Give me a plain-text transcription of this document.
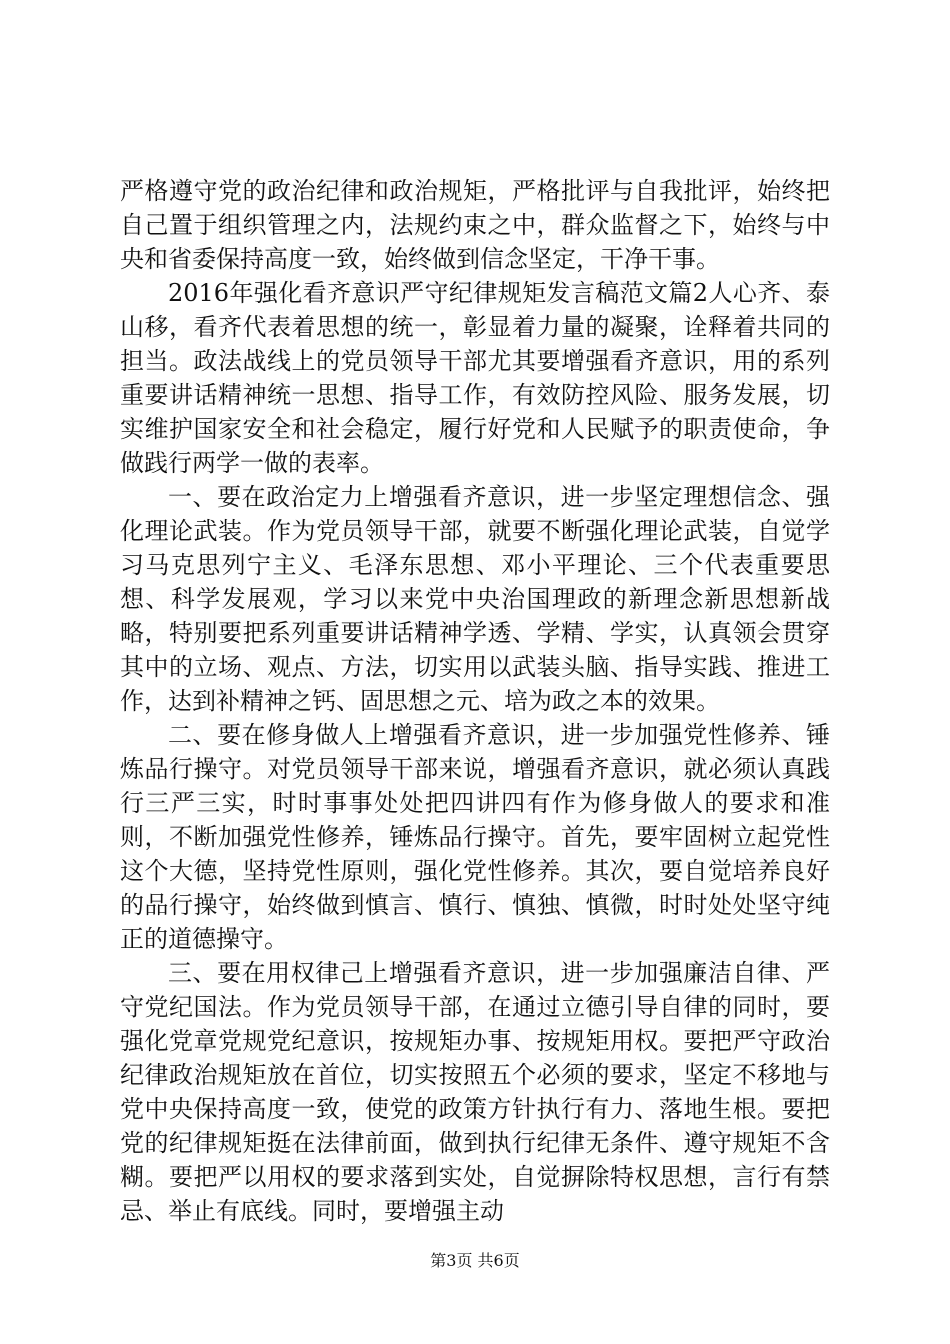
严格遵守党的政治纪律和政治规矩，严格批评与自我批评，始终把自己置于组织管理之内，法规约束之中，群众监督之下，始终与中央和省委保持高度一致，始终做到信念坚定，干净干事。

2016年强化看齐意识严守纪律规矩发言稿范文篇2人心齐、泰山移，看齐代表着思想的统一，彰显着力量的凝聚，诠释着共同的担当。政法战线上的党员领导干部尤其要增强看齐意识，用的系列重要讲话精神统一思想、指导工作，有效防控风险、服务发展，切实维护国家安全和社会稳定，履行好党和人民赋予的职责使命，争做践行两学一做的表率。

一、要在政治定力上增强看齐意识，进一步坚定理想信念、强化理论武装。作为党员领导干部，就要不断强化理论武装，自觉学习马克思列宁主义、毛泽东思想、邓小平理论、三个代表重要思想、科学发展观，学习以来党中央治国理政的新理念新思想新战略，特别要把系列重要讲话精神学透、学精、学实，认真领会贯穿其中的立场、观点、方法，切实用以武装头脑、指导实践、推进工作，达到补精神之钙、固思想之元、培为政之本的效果。

二、要在修身做人上增强看齐意识，进一步加强党性修养、锤炼品行操守。对党员领导干部来说，增强看齐意识，就必须认真践行三严三实，时时事事处处把四讲四有作为修身做人的要求和准则，不断加强党性修养，锤炼品行操守。首先，要牢固树立起党性这个大德，坚持党性原则，强化党性修养。其次，要自觉培养良好的品行操守，始终做到慎言、慎行、慎独、慎微，时时处处坚守纯正的道德操守。

三、要在用权律己上增强看齐意识，进一步加强廉洁自律、严守党纪国法。作为党员领导干部，在通过立德引导自律的同时，要强化党章党规党纪意识，按规矩办事、按规矩用权。要把严守政治纪律政治规矩放在首位，切实按照五个必须的要求，坚定不移地与党中央保持高度一致，使党的政策方针执行有力、落地生根。要把党的纪律规矩挺在法律前面，做到执行纪律无条件、遵守规矩不含糊。要把严以用权的要求落到实处，自觉摒除特权思想，言行有禁忌、举止有底线。同时，要增强主动

第3页 共6页
